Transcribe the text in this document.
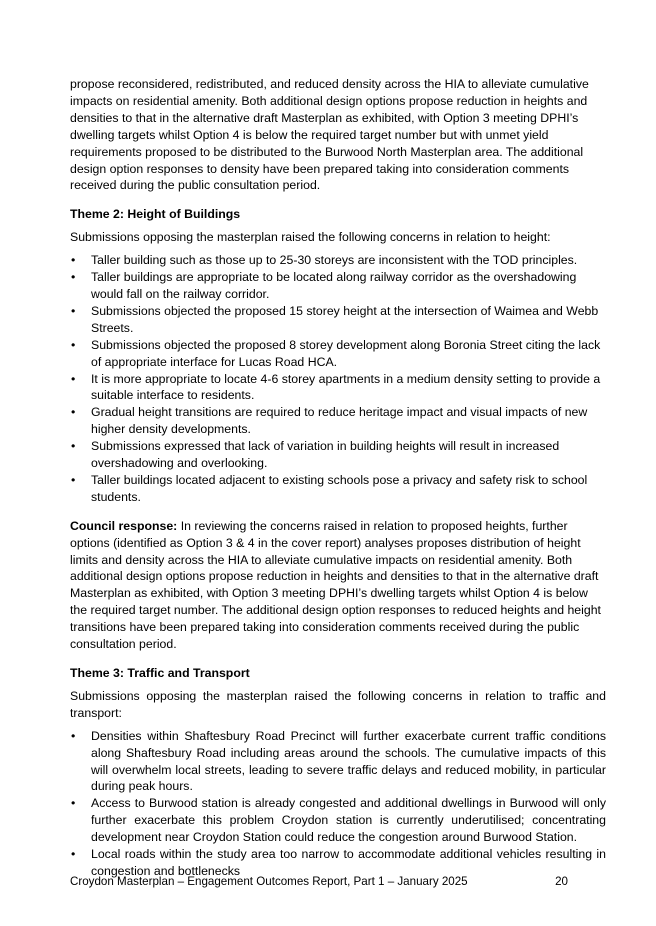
propose reconsidered, redistributed, and reduced density across the HIA to alleviate cumulative impacts on residential amenity. Both additional design options propose reduction in heights and densities to that in the alternative draft Masterplan as exhibited, with Option 3 meeting DPHI’s dwelling targets whilst Option 4 is below the required target number but with unmet yield requirements proposed to be distributed to the Burwood North Masterplan area. The additional design option responses to density have been prepared taking into consideration comments received during the public consultation period.

Theme 2: Height of Buildings

Submissions opposing the masterplan raised the following concerns in relation to height:

• Taller building such as those up to 25-30 storeys are inconsistent with the TOD principles.
• Taller buildings are appropriate to be located along railway corridor as the overshadowing would fall on the railway corridor.
• Submissions objected the proposed 15 storey height at the intersection of Waimea and Webb Streets.
• Submissions objected the proposed 8 storey development along Boronia Street citing the lack of appropriate interface for Lucas Road HCA.
• It is more appropriate to locate 4-6 storey apartments in a medium density setting to provide a suitable interface to residents.
• Gradual height transitions are required to reduce heritage impact and visual impacts of new higher density developments.
• Submissions expressed that lack of variation in building heights will result in increased overshadowing and overlooking.
• Taller buildings located adjacent to existing schools pose a privacy and safety risk to school students.

Council response: In reviewing the concerns raised in relation to proposed heights, further options (identified as Option 3 & 4 in the cover report) analyses proposes distribution of height limits and density across the HIA to alleviate cumulative impacts on residential amenity. Both additional design options propose reduction in heights and densities to that in the alternative draft Masterplan as exhibited, with Option 3 meeting DPHI’s dwelling targets whilst Option 4 is below the required target number. The additional design option responses to reduced heights and height transitions have been prepared taking into consideration comments received during the public consultation period.

Theme 3: Traffic and Transport

Submissions opposing the masterplan raised the following concerns in relation to traffic and transport:

• Densities within Shaftesbury Road Precinct will further exacerbate current traffic conditions along Shaftesbury Road including areas around the schools. The cumulative impacts of this will overwhelm local streets, leading to severe traffic delays and reduced mobility, in particular during peak hours.
• Access to Burwood station is already congested and additional dwellings in Burwood will only further exacerbate this problem Croydon station is currently underutilised; concentrating development near Croydon Station could reduce the congestion around Burwood Station.
• Local roads within the study area too narrow to accommodate additional vehicles resulting in congestion and bottlenecks
Croydon Masterplan – Engagement Outcomes Report, Part 1 – January 2025	20
